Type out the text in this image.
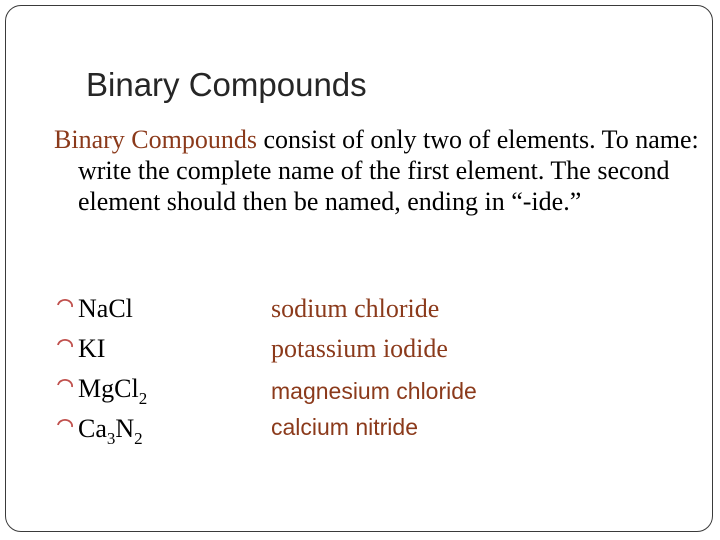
Binary Compounds
Binary Compounds consist of only two of elements. To name: write the complete name of the first element. The second element should then be named, ending in “-ide.”
NaCl
KI
MgCl$_2$
$Ca_3N_2$
sodium chloride
potassium iodide
magnesium chloride
calcium nitride
